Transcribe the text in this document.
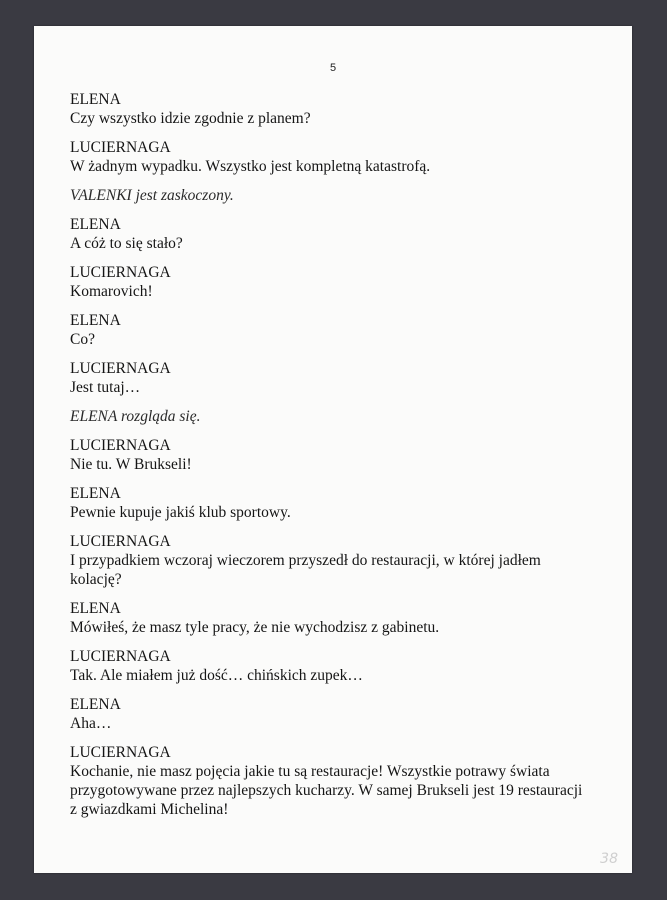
5
ELENA
Czy wszystko idzie zgodnie z planem?
LUCIERNAGA
W żadnym wypadku. Wszystko jest kompletną katastrofą.
VALENKI jest zaskoczony.
ELENA
A cóż to się stało?
LUCIERNAGA
Komarovich!
ELENA
Co?
LUCIERNAGA
Jest tutaj…
ELENA rozgląda się.
LUCIERNAGA
Nie tu. W Brukseli!
ELENA
Pewnie kupuje jakiś klub sportowy.
LUCIERNAGA
I przypadkiem wczoraj wieczorem przyszedł do restauracji, w której jadłem kolację?
ELENA
Mówiłeś, że masz tyle pracy, że nie wychodzisz z gabinetu.
LUCIERNAGA
Tak. Ale miałem już dość… chińskich zupek…
ELENA
Aha…
LUCIERNAGA
Kochanie, nie masz pojęcia jakie tu są restauracje! Wszystkie potrawy świata przygotowywane przez najlepszych kucharzy. W samej Brukseli jest 19 restauracji z gwiazdkami Michelina!
38
